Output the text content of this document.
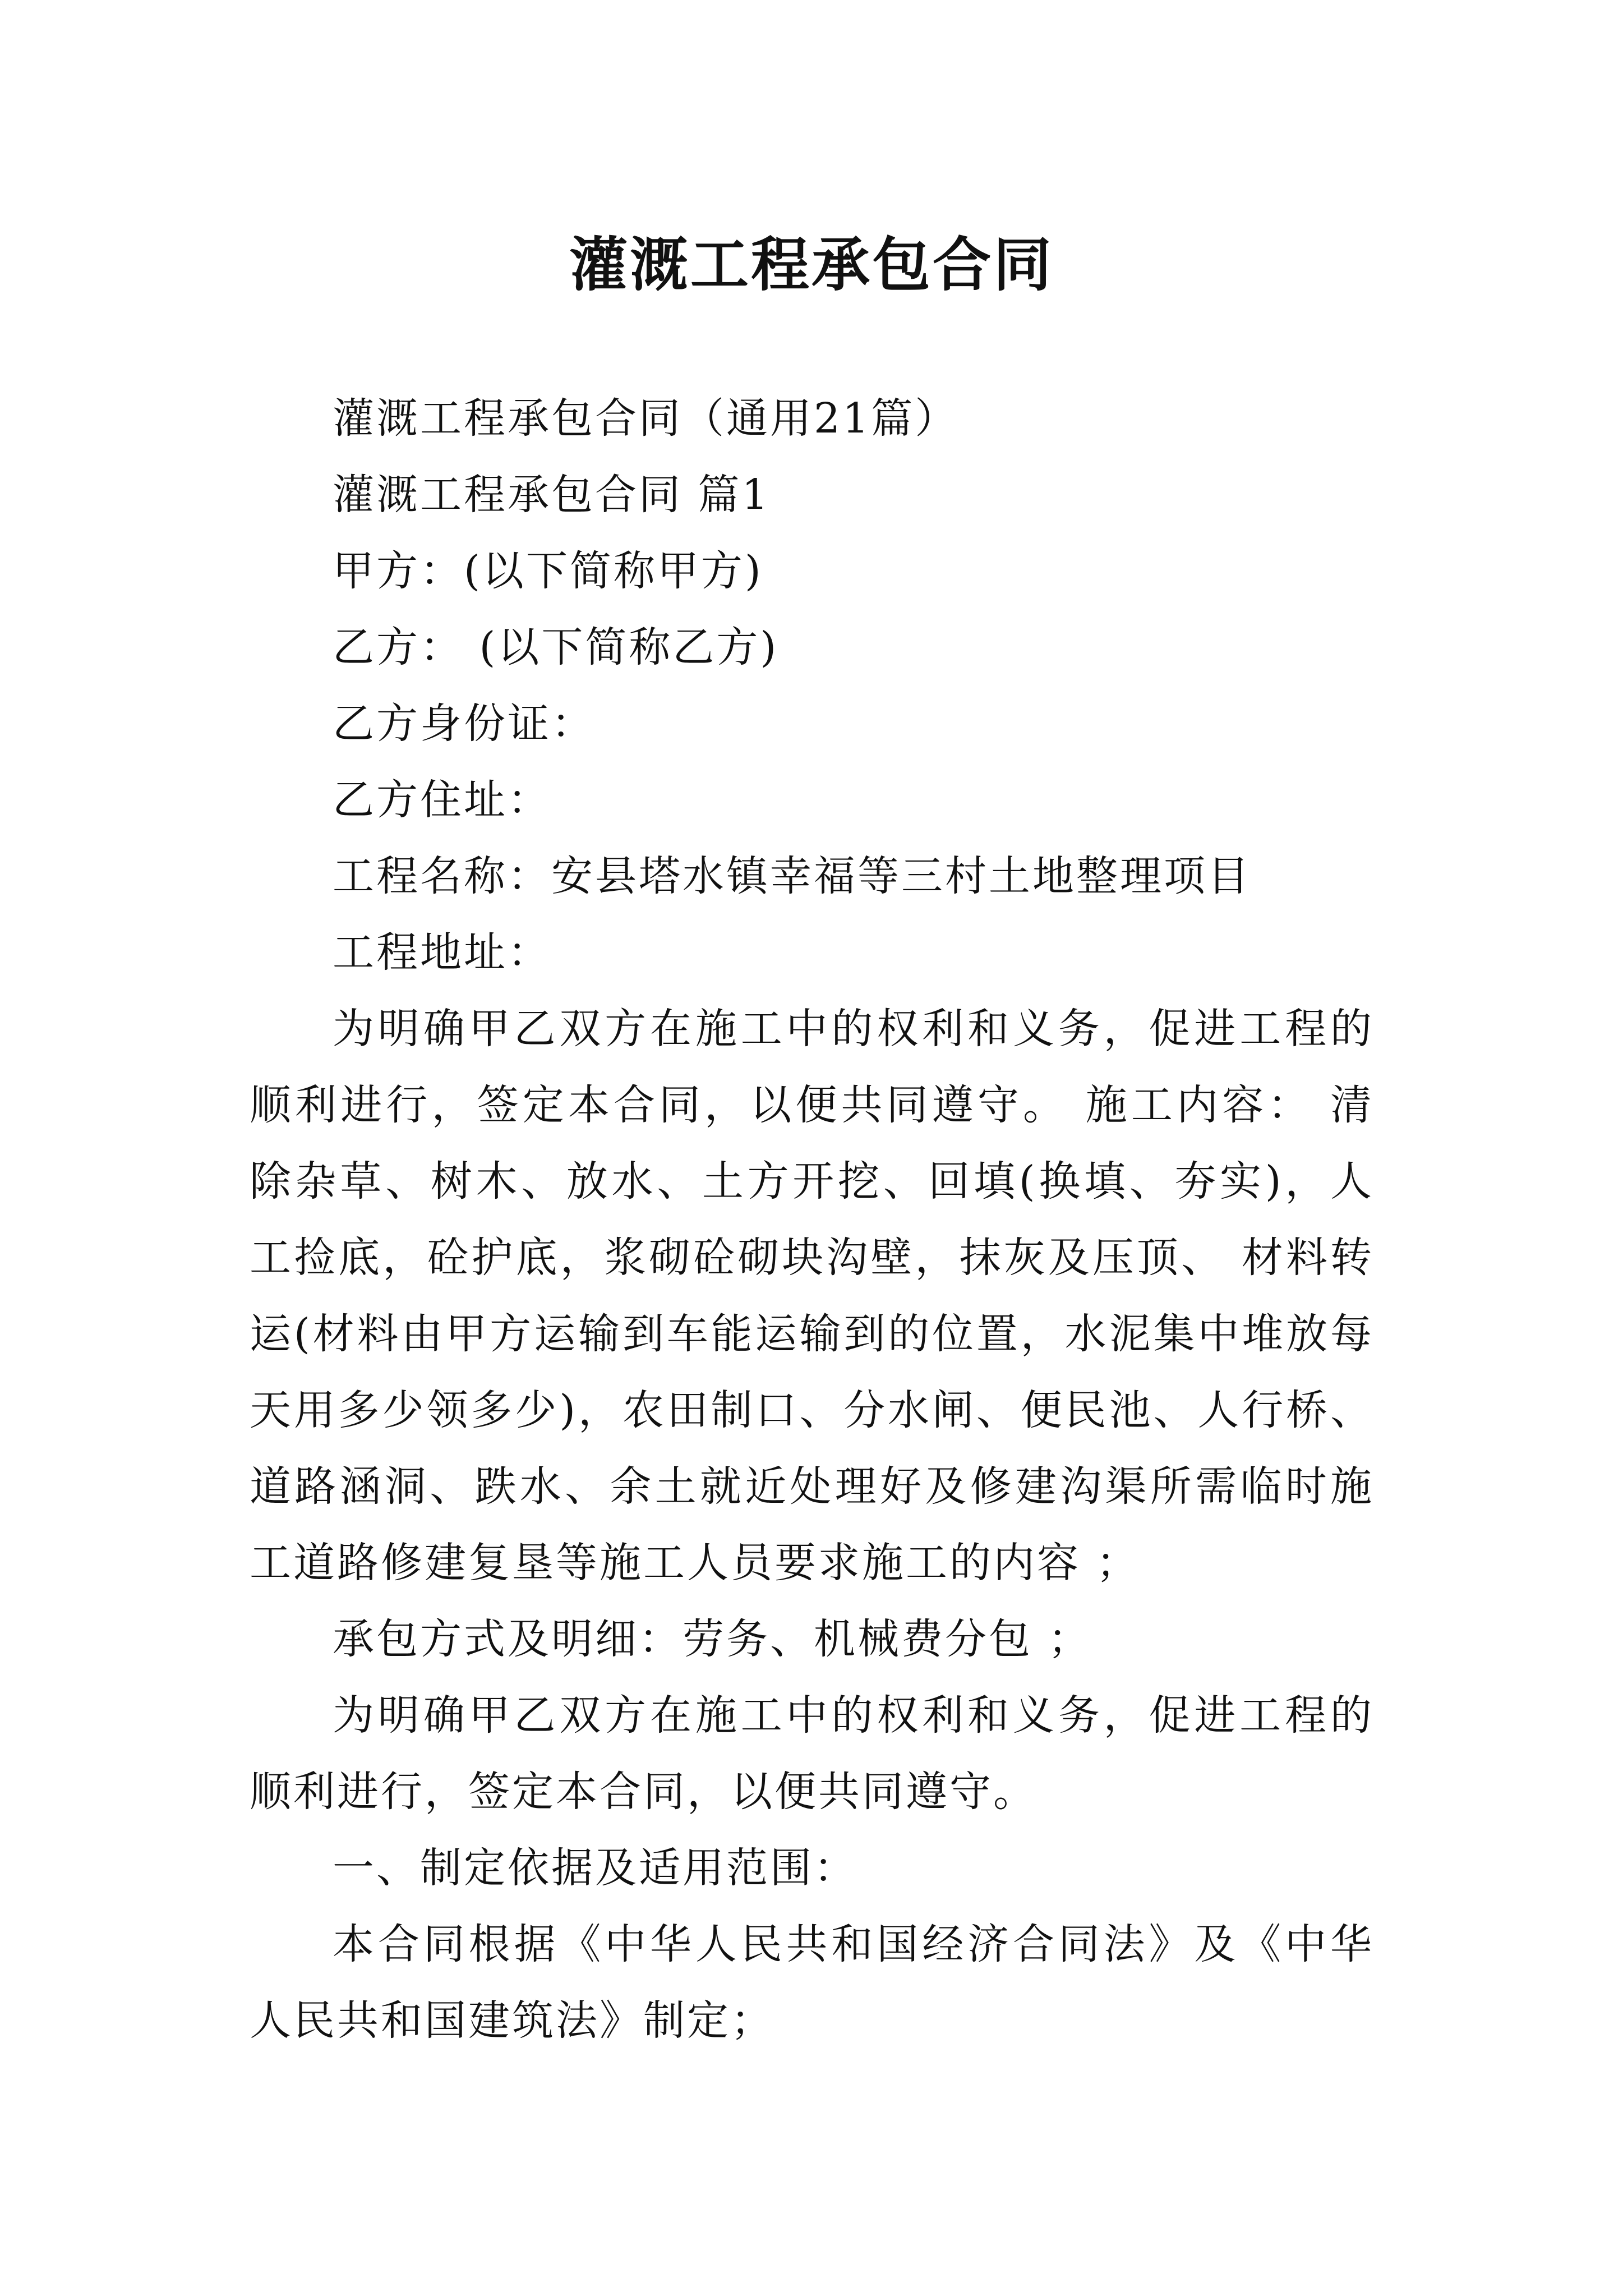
灌溉工程承包合同

灌溉工程承包合同（通用21篇）

灌溉工程承包合同 篇1

甲方：(以下简称甲方)

乙方： (以下简称乙方)

乙方身份证：

乙方住址：

工程名称：安县塔水镇幸福等三村土地整理项目

工程地址：

为明确甲乙双方在施工中的权利和义务，促进工程的顺利进行，签定本合同，以便共同遵守。 施工内容： 清除杂草、树木、放水、土方开挖、回填(换填、夯实)，人工捡底，砼护底，浆砌砼砌块沟壁，抹灰及压顶、 材料转运(材料由甲方运输到车能运输到的位置，水泥集中堆放每天用多少领多少)，农田制口、分水闸、便民池、人行桥、道路涵洞、跌水、余土就近处理好及修建沟渠所需临时施工道路修建复垦等施工人员要求施工的内容 ；

承包方式及明细：劳务、机械费分包 ；

为明确甲乙双方在施工中的权利和义务，促进工程的顺利进行，签定本合同，以便共同遵守。

一、制定依据及适用范围：

本合同根据《中华人民共和国经济合同法》及《中华人民共和国建筑法》制定；
